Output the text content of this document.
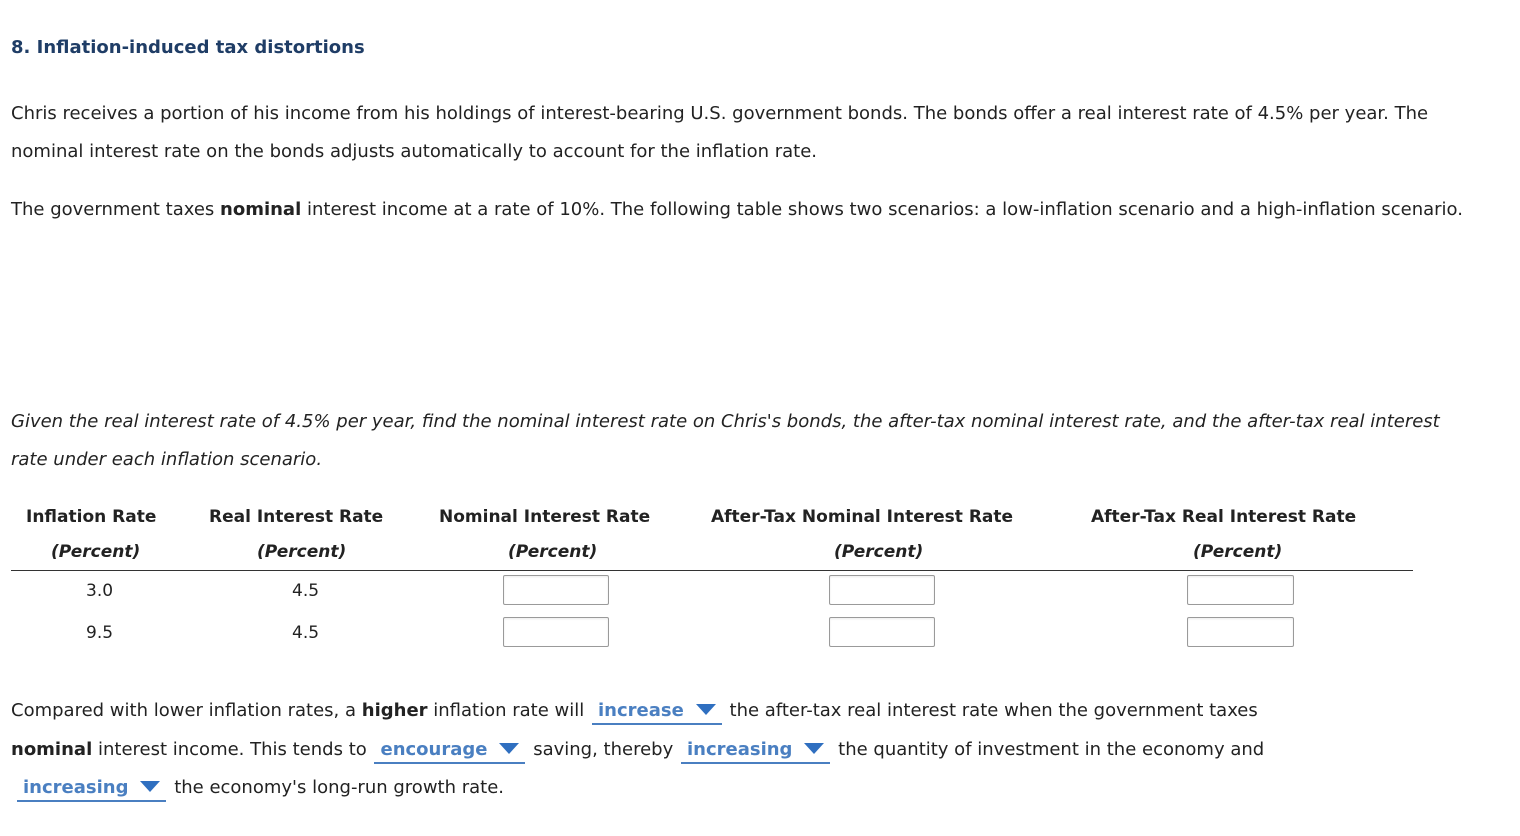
8. Inflation-induced tax distortions
Chris receives a portion of his income from his holdings of interest-bearing U.S. government bonds. The bonds offer a real interest rate of 4.5% per year. The nominal interest rate on the bonds adjusts automatically to account for the inflation rate.
The government taxes nominal interest income at a rate of 10%. The following table shows two scenarios: a low-inflation scenario and a high-inflation scenario.
Given the real interest rate of 4.5% per year, find the nominal interest rate on Chris's bonds, the after-tax nominal interest rate, and the after-tax real interest rate under each inflation scenario.
Inflation Rate	Real Interest Rate	Nominal Interest Rate	After-Tax Nominal Interest Rate	After-Tax Real Interest Rate
(Percent)	(Percent)	(Percent)	(Percent)	(Percent)
3.0	4.5
9.5	4.5
Compared with lower inflation rates, a higher inflation rate will increase the after-tax real interest rate when the government taxes
nominal interest income. This tends to encourage saving, thereby increasing the quantity of investment in the economy and
increasing the economy's long-run growth rate.
